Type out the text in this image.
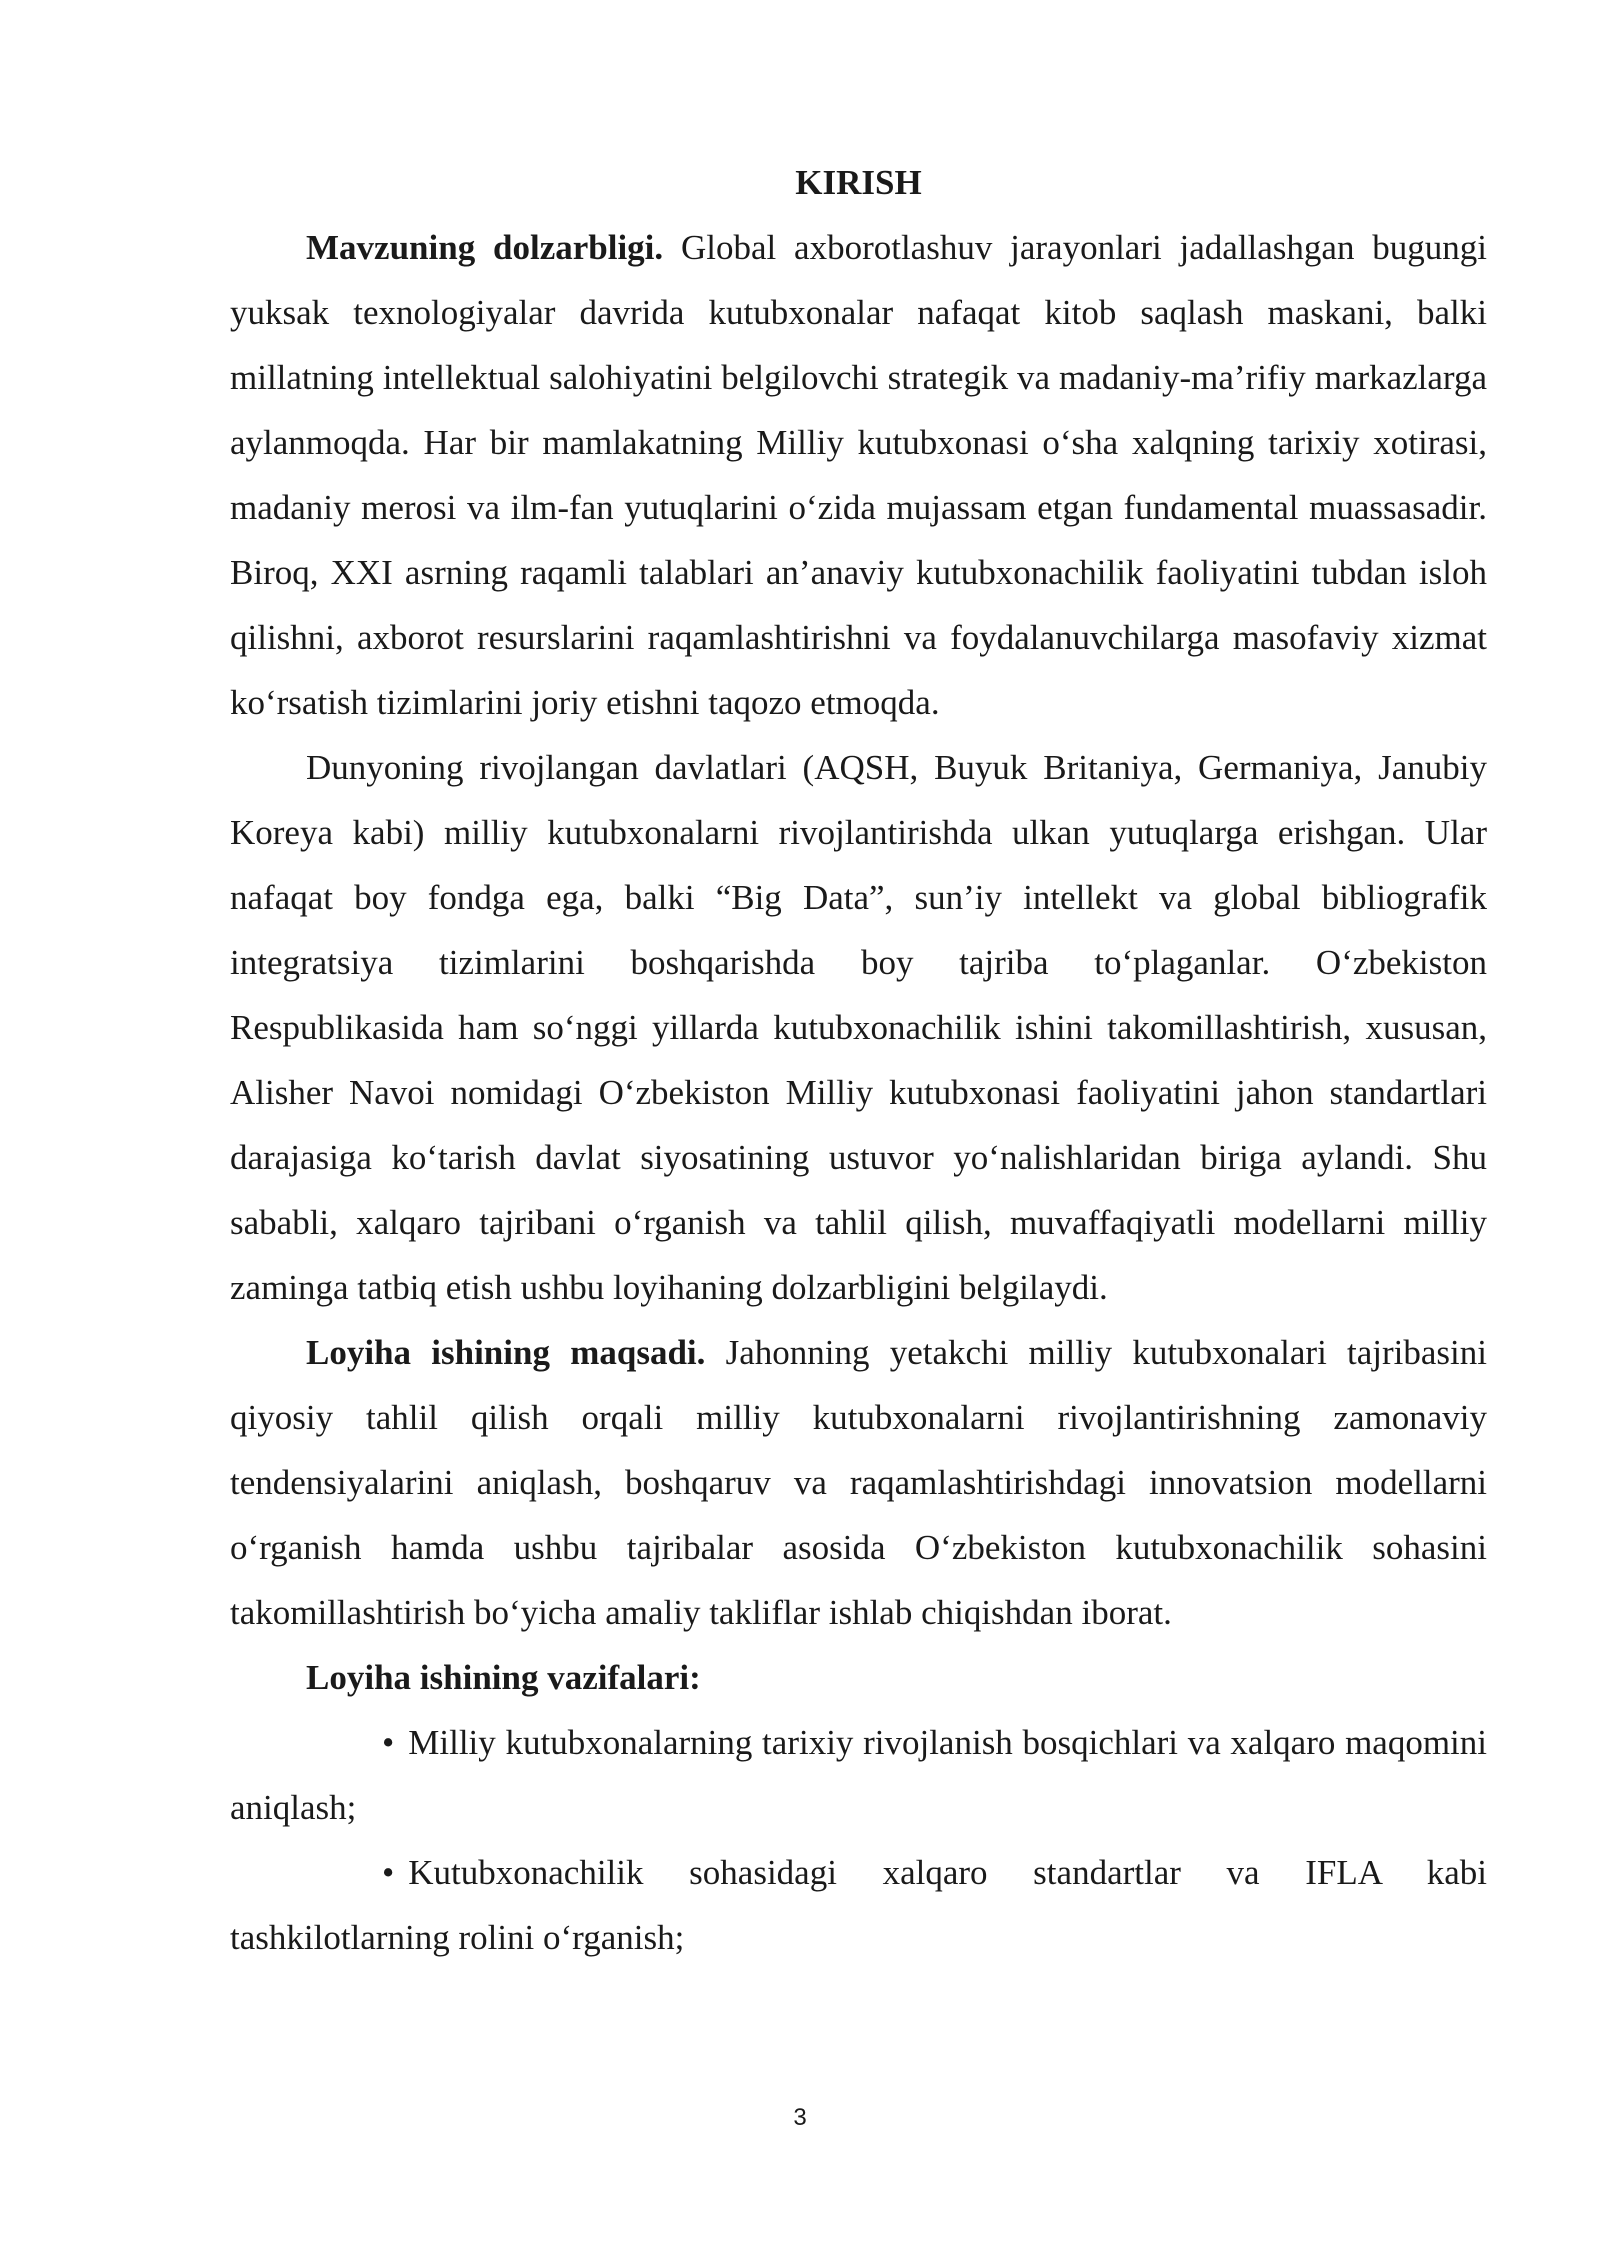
KIRISH

Mavzuning dolzarbligi. Global axborotlashuv jarayonlari jadallashgan bugungi yuksak texnologiyalar davrida kutubxonalar nafaqat kitob saqlash maskani, balki millatning intellektual salohiyatini belgilovchi strategik va madaniy-ma’rifiy markazlarga aylanmoqda. Har bir mamlakatning Milliy kutubxonasi o‘sha xalqning tarixiy xotirasi, madaniy merosi va ilm-fan yutuqlarini o‘zida mujassam etgan fundamental muassasadir. Biroq, XXI asrning raqamli talablari an’anaviy kutubxonachilik faoliyatini tubdan isloh qilishni, axborot resurslarini raqamlashtirishni va foydalanuvchilarga masofaviy xizmat ko‘rsatish tizimlarini joriy etishni taqozo etmoqda.

Dunyoning rivojlangan davlatlari (AQSH, Buyuk Britaniya, Germaniya, Janubiy Koreya kabi) milliy kutubxonalarni rivojlantirishda ulkan yutuqlarga erishgan. Ular nafaqat boy fondga ega, balki “Big Data”, sun’iy intellekt va global bibliografik integratsiya tizimlarini boshqarishda boy tajriba to‘plaganlar. O‘zbekiston Respublikasida ham so‘nggi yillarda kutubxonachilik ishini takomillashtirish, xususan, Alisher Navoi nomidagi O‘zbekiston Milliy kutubxonasi faoliyatini jahon standartlari darajasiga ko‘tarish davlat siyosatining ustuvor yo‘nalishlaridan biriga aylandi. Shu sababli, xalqaro tajribani o‘rganish va tahlil qilish, muvaffaqiyatli modellarni milliy zaminga tatbiq etish ushbu loyihaning dolzarbligini belgilaydi.

Loyiha ishining maqsadi. Jahonning yetakchi milliy kutubxonalari tajribasini qiyosiy tahlil qilish orqali milliy kutubxonalarni rivojlantirishning zamonaviy tendensiyalarini aniqlash, boshqaruv va raqamlashtirishdagi innovatsion modellarni o‘rganish hamda ushbu tajribalar asosida O‘zbekiston kutubxonachilik sohasini takomillashtirish bo‘yicha amaliy takliflar ishlab chiqishdan iborat.

Loyiha ishining vazifalari:

• Milliy kutubxonalarning tarixiy rivojlanish bosqichlari va xalqaro maqomini aniqlash;

• Kutubxonachilik sohasidagi xalqaro standartlar va IFLA kabi tashkilotlarning rolini o‘rganish;

3
